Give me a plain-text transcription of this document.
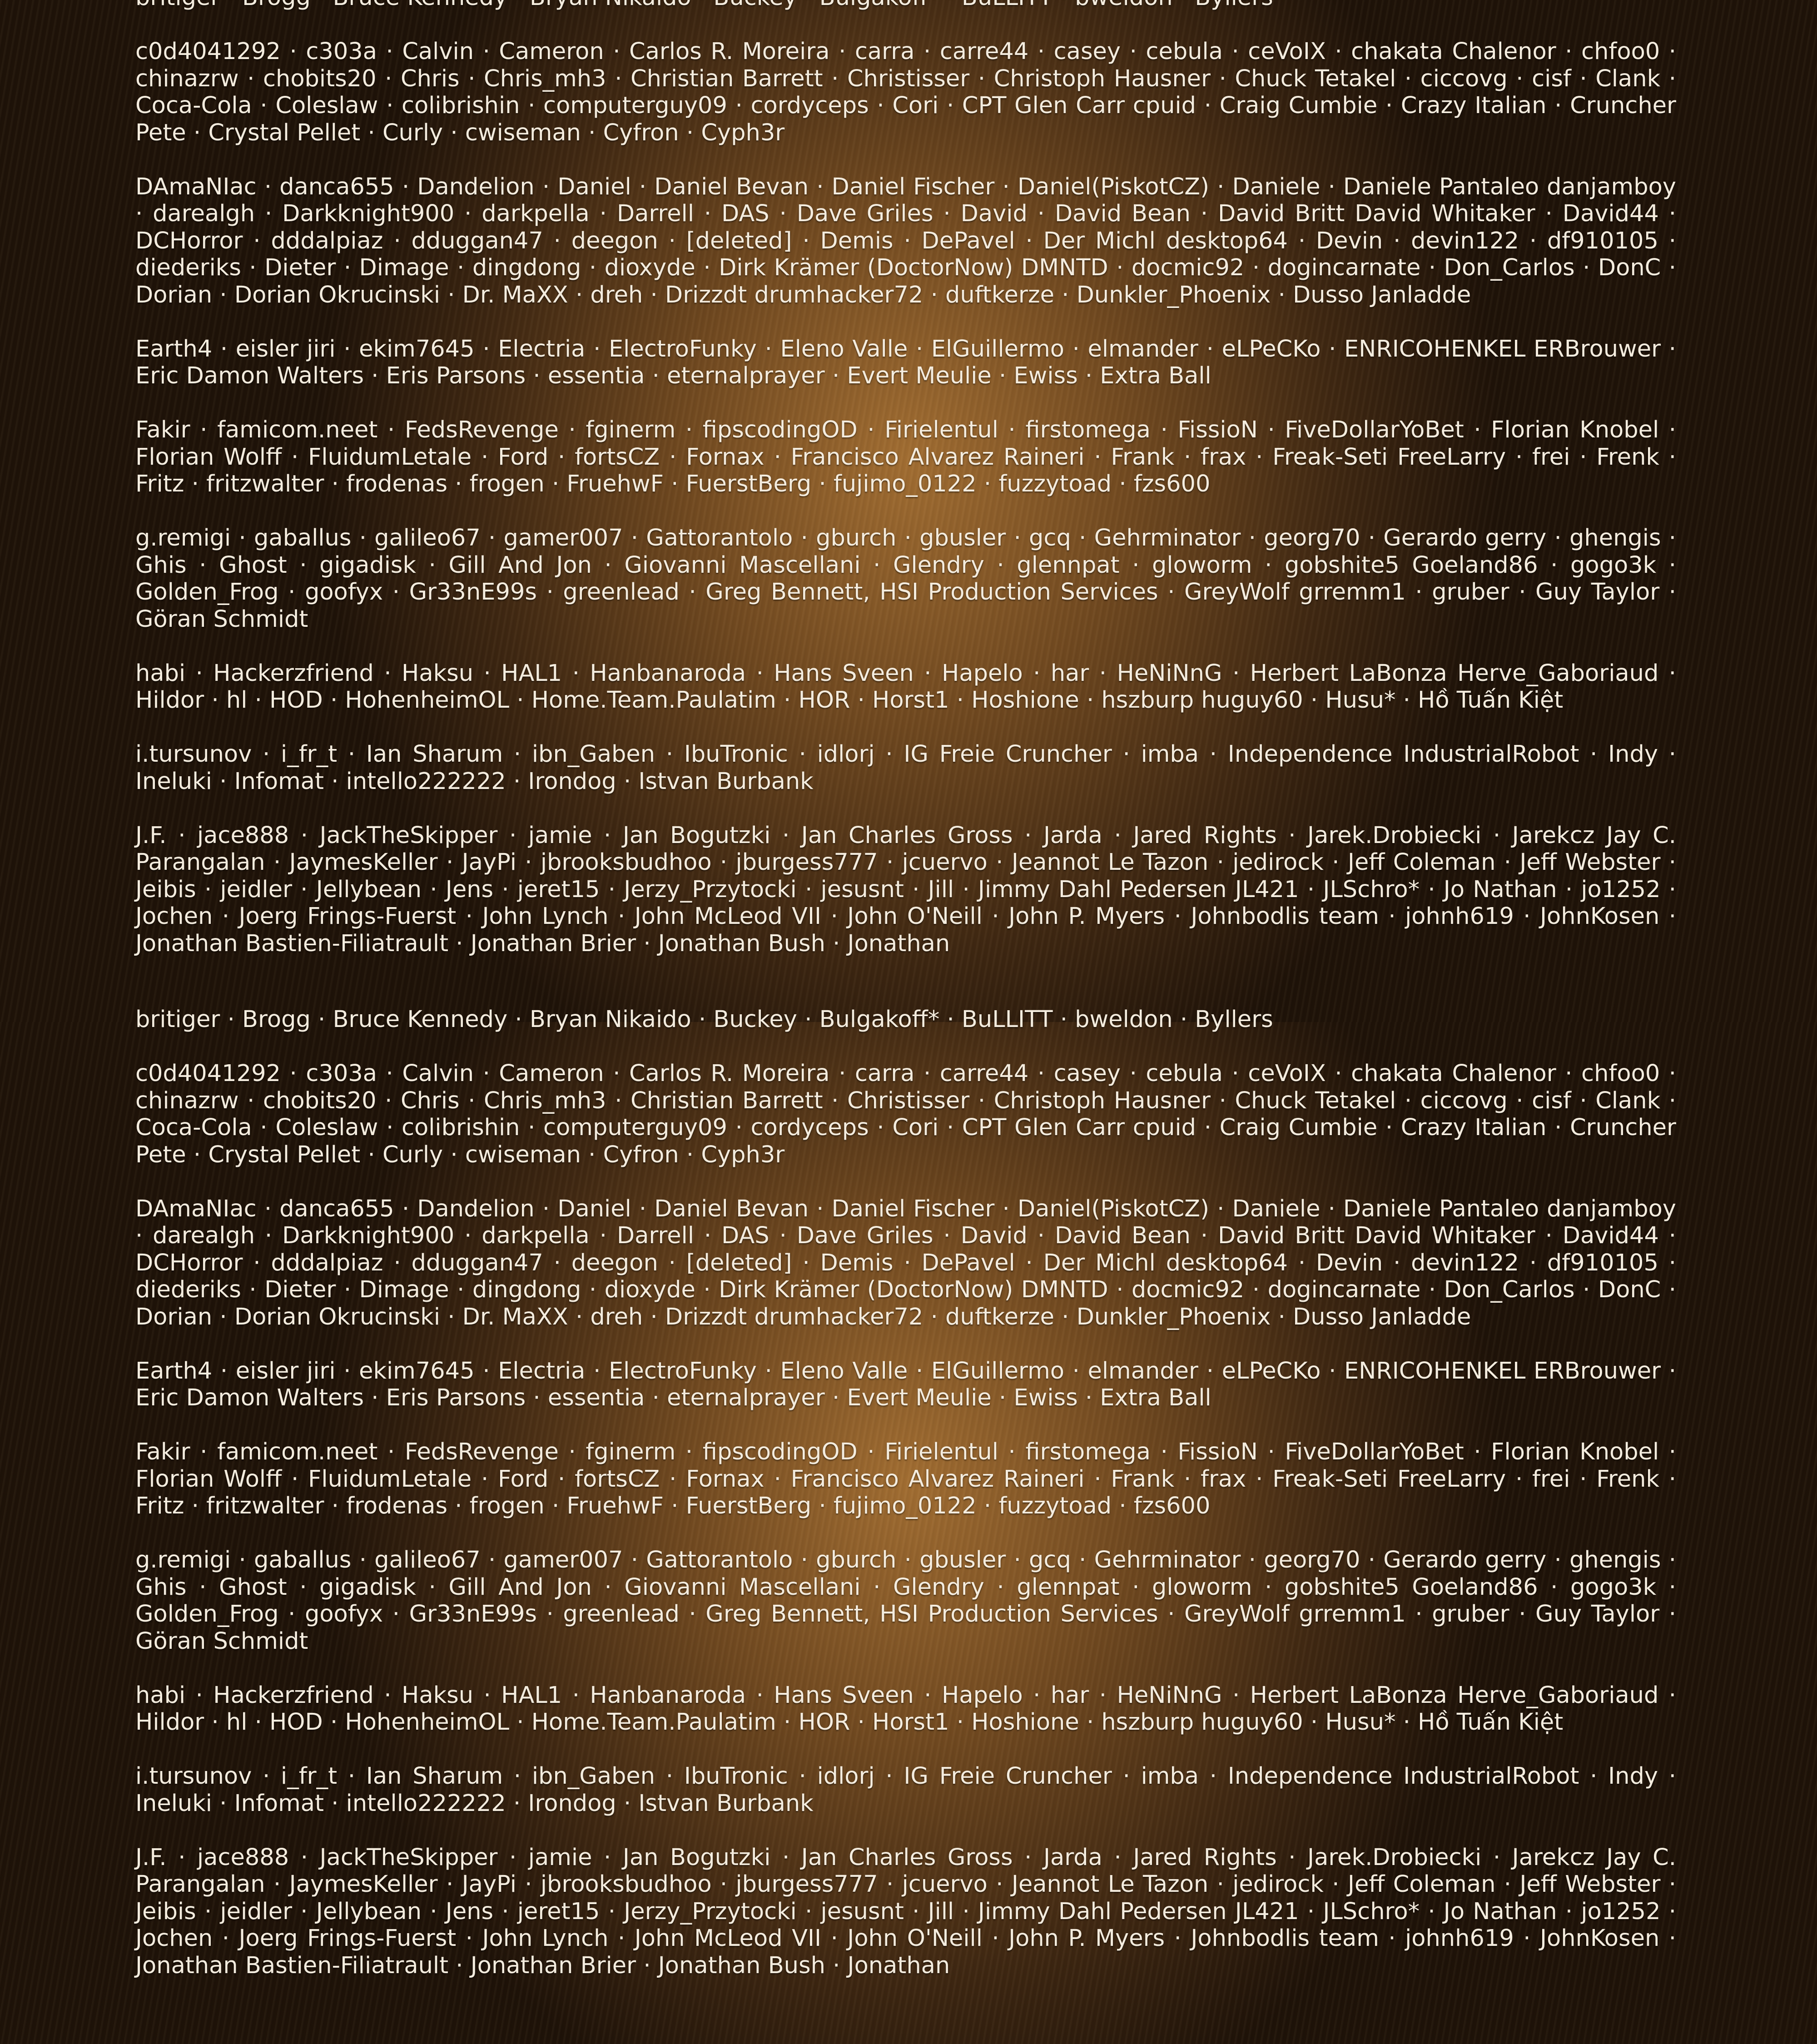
c0d4041292 · c303a · Calvin · Cameron · Carlos R. Moreira · carra · carre44 · casey · cebula · ceVoIX · chakata Chalenor · chfoo0 · chinazrw · chobits20 · Chris · Chris_mh3 · Christian Barrett · Christisser · Christoph Hausner · Chuck Tetakel · ciccovg · cisf · Clank · Coca-Cola · Coleslaw · colibrishin · computerguy09 · cordyceps · Cori · CPT Glen Carr cpuid · Craig Cumbie · Crazy Italian · Cruncher Pete · Crystal Pellet · Curly · cwiseman · Cyfron · Cyph3r

DAmaNIac · danca655 · Dandelion · Daniel · Daniel Bevan · Daniel Fischer · Daniel(PiskotCZ) · Daniele · Daniele Pantaleo danjamboy · darealgh · Darkknight900 · darkpella · Darrell · DAS · Dave Griles · David · David Bean · David Britt David Whitaker · David44 · DCHorror · dddalpiaz · dduggan47 · deegon · [deleted] · Demis · DePavel · Der Michl desktop64 · Devin · devin122 · df910105 · diederiks · Dieter · Dimage · dingdong · dioxyde · Dirk Krämer (DoctorNow) DMNTD · docmic92 · dogincarnate · Don_Carlos · DonC · Dorian · Dorian Okrucinski · Dr. MaXX · dreh · Drizzdt drumhacker72 · duftkerze · Dunkler_Phoenix · Dusso Janladde

Earth4 · eisler jiri · ekim7645 · Electria · ElectroFunky · Eleno Valle · ElGuillermo · elmander · eLPeCKo · ENRICOHENKEL ERBrouwer · Eric Damon Walters · Eris Parsons · essentia · eternalprayer · Evert Meulie · Ewiss · Extra Ball

Fakir · famicom.neet · FedsRevenge · fginerm · fipscodingOD · Firielentul · firstomega · FissioN · FiveDollarYoBet · Florian Knobel · Florian Wolff · FluidumLetale · Ford · fortsCZ · Fornax · Francisco Alvarez Raineri · Frank · frax · Freak-Seti FreeLarry · frei · Frenk · Fritz · fritzwalter · frodenas · frogen · FruehwF · FuerstBerg · fujimo_0122 · fuzzytoad · fzs600

g.remigi · gaballus · galileo67 · gamer007 · Gattorantolo · gburch · gbusler · gcq · Gehrminator · georg70 · Gerardo gerry · ghengis · Ghis · Ghost · gigadisk · Gill And Jon · Giovanni Mascellani · Glendry · glennpat · gloworm · gobshite5 Goeland86 · gogo3k · Golden_Frog · goofyx · Gr33nE99s · greenlead · Greg Bennett, HSI Production Services · GreyWolf grremm1 · gruber · Guy Taylor · Göran Schmidt

habi · Hackerzfriend · Haksu · HAL1 · Hanbanaroda · Hans Sveen · Hapelo · har · HeNiNnG · Herbert LaBonza Herve_Gaboriaud · Hildor · hl · HOD · HohenheimOL · Home.Team.Paulatim · HOR · Horst1 · Hoshione · hszburp huguy60 · Husu* · Hồ Tuấn Kiệt

i.tursunov · i_fr_t · Ian Sharum · ibn_Gaben · IbuTronic · idlorj · IG Freie Cruncher · imba · Independence IndustrialRobot · Indy · Ineluki · Infomat · intello222222 · Irondog · Istvan Burbank

J.F. · jace888 · JackTheSkipper · jamie · Jan Bogutzki · Jan Charles Gross · Jarda · Jared Rights · Jarek.Drobiecki · Jarekcz Jay C. Parangalan · JaymesKeller · JayPi · jbrooksbudhoo · jburgess777 · jcuervo · Jeannot Le Tazon · jedirock · Jeff Coleman · Jeff Webster · Jeibis · jeidler · Jellybean · Jens · jeret15 · Jerzy_Przytocki · jesusnt · Jill · Jimmy Dahl Pedersen JL421 · JLSchro* · Jo Nathan · jo1252 · Jochen · Joerg Frings-Fuerst · John Lynch · John McLeod VII · John O'Neill · John P. Myers · Johnbodlis team · johnh619 · JohnKosen · Jonathan Bastien-Filiatrault · Jonathan Brier · Jonathan Bush · Jonathan

britiger · Brogg · Bruce Kennedy · Bryan Nikaido · Buckey · Bulgakoff* · BuLLITT · bweldon · Byllers

c0d4041292 · c303a · Calvin · Cameron · Carlos R. Moreira · carra · carre44 · casey · cebula · ceVoIX · chakata Chalenor · chfoo0 · chinazrw · chobits20 · Chris · Chris_mh3 · Christian Barrett · Christisser · Christoph Hausner · Chuck Tetakel · ciccovg · cisf · Clank · Coca-Cola · Coleslaw · colibrishin · computerguy09 · cordyceps · Cori · CPT Glen Carr cpuid · Craig Cumbie · Crazy Italian · Cruncher Pete · Crystal Pellet · Curly · cwiseman · Cyfron · Cyph3r

DAmaNIac · danca655 · Dandelion · Daniel · Daniel Bevan · Daniel Fischer · Daniel(PiskotCZ) · Daniele · Daniele Pantaleo danjamboy · darealgh · Darkknight900 · darkpella · Darrell · DAS · Dave Griles · David · David Bean · David Britt David Whitaker · David44 · DCHorror · dddalpiaz · dduggan47 · deegon · [deleted] · Demis · DePavel · Der Michl desktop64 · Devin · devin122 · df910105 · diederiks · Dieter · Dimage · dingdong · dioxyde · Dirk Krämer (DoctorNow) DMNTD · docmic92 · dogincarnate · Don_Carlos · DonC · Dorian · Dorian Okrucinski · Dr. MaXX · dreh · Drizzdt drumhacker72 · duftkerze · Dunkler_Phoenix · Dusso Janladde

Earth4 · eisler jiri · ekim7645 · Electria · ElectroFunky · Eleno Valle · ElGuillermo · elmander · eLPeCKo · ENRICOHENKEL ERBrouwer · Eric Damon Walters · Eris Parsons · essentia · eternalprayer · Evert Meulie · Ewiss · Extra Ball

Fakir · famicom.neet · FedsRevenge · fginerm · fipscodingOD · Firielentul · firstomega · FissioN · FiveDollarYoBet · Florian Knobel · Florian Wolff · FluidumLetale · Ford · fortsCZ · Fornax · Francisco Alvarez Raineri · Frank · frax · Freak-Seti FreeLarry · frei · Frenk · Fritz · fritzwalter · frodenas · frogen · FruehwF · FuerstBerg · fujimo_0122 · fuzzytoad · fzs600

g.remigi · gaballus · galileo67 · gamer007 · Gattorantolo · gburch · gbusler · gcq · Gehrminator · georg70 · Gerardo gerry · ghengis · Ghis · Ghost · gigadisk · Gill And Jon · Giovanni Mascellani · Glendry · glennpat · gloworm · gobshite5 Goeland86 · gogo3k · Golden_Frog · goofyx · Gr33nE99s · greenlead · Greg Bennett, HSI Production Services · GreyWolf grremm1 · gruber · Guy Taylor · Göran Schmidt

habi · Hackerzfriend · Haksu · HAL1 · Hanbanaroda · Hans Sveen · Hapelo · har · HeNiNnG · Herbert LaBonza Herve_Gaboriaud · Hildor · hl · HOD · HohenheimOL · Home.Team.Paulatim · HOR · Horst1 · Hoshione · hszburp huguy60 · Husu* · Hồ Tuấn Kiệt

i.tursunov · i_fr_t · Ian Sharum · ibn_Gaben · IbuTronic · idlorj · IG Freie Cruncher · imba · Independence IndustrialRobot · Indy · Ineluki · Infomat · intello222222 · Irondog · Istvan Burbank

J.F. · jace888 · JackTheSkipper · jamie · Jan Bogutzki · Jan Charles Gross · Jarda · Jared Rights · Jarek.Drobiecki · Jarekcz Jay C. Parangalan · JaymesKeller · JayPi · jbrooksbudhoo · jburgess777 · jcuervo · Jeannot Le Tazon · jedirock · Jeff Coleman · Jeff Webster · Jeibis · jeidler · Jellybean · Jens · jeret15 · Jerzy_Przytocki · jesusnt · Jill · Jimmy Dahl Pedersen JL421 · JLSchro* · Jo Nathan · jo1252 · Jochen · Joerg Frings-Fuerst · John Lynch · John McLeod VII · John O'Neill · John P. Myers · Johnbodlis team · johnh619 · JohnKosen · Jonathan Bastien-Filiatrault · Jonathan Brier · Jonathan Bush · Jonathan
